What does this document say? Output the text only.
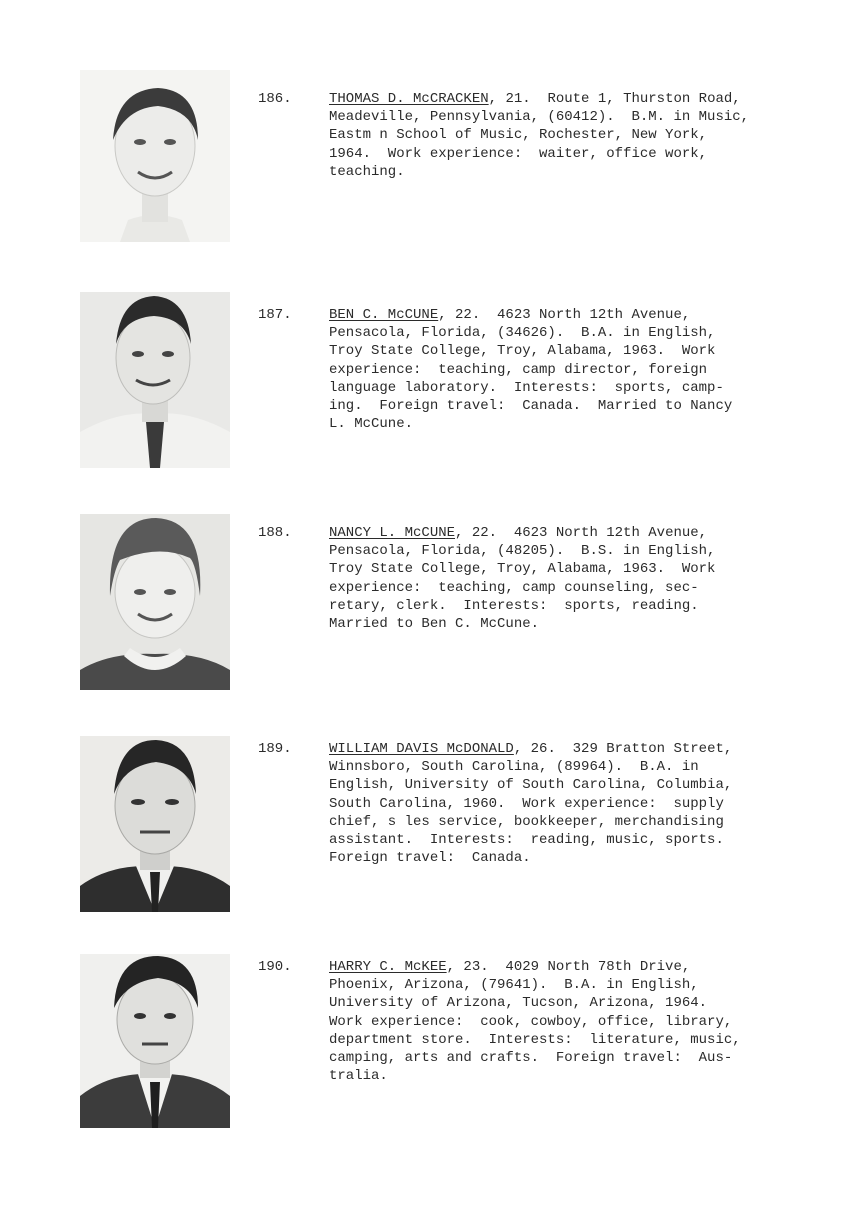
186.	THOMAS D. McCRACKEN, 21.  Route 1, Thurston Road,
Meadeville, Pennsylvania, (60412).  B.M. in Music,
Eastm n School of Music, Rochester, New York,
1964.  Work experience:  waiter, office work,
teaching.
187.	BEN C. McCUNE, 22.  4623 North 12th Avenue,
Pensacola, Florida, (34626).  B.A. in English,
Troy State College, Troy, Alabama, 1963.  Work
experience:  teaching, camp director, foreign
language laboratory.  Interests:  sports, camp-
ing.  Foreign travel:  Canada.  Married to Nancy
L. McCune.
188.	NANCY L. McCUNE, 22.  4623 North 12th Avenue,
Pensacola, Florida, (48205).  B.S. in English,
Troy State College, Troy, Alabama, 1963.  Work
experience:  teaching, camp counseling, sec-
retary, clerk.  Interests:  sports, reading.
Married to Ben C. McCune.
189.	WILLIAM DAVIS McDONALD, 26.  329 Bratton Street,
Winnsboro, South Carolina, (89964).  B.A. in
English, University of South Carolina, Columbia,
South Carolina, 1960.  Work experience:  supply
chief, s les service, bookkeeper, merchandising
assistant.  Interests:  reading, music, sports.
Foreign travel:  Canada.
190.	HARRY C. McKEE, 23.  4029 North 78th Drive,
Phoenix, Arizona, (79641).  B.A. in English,
University of Arizona, Tucson, Arizona, 1964.
Work experience:  cook, cowboy, office, library,
department store.  Interests:  literature, music,
camping, arts and crafts.  Foreign travel:  Aus-
tralia.
